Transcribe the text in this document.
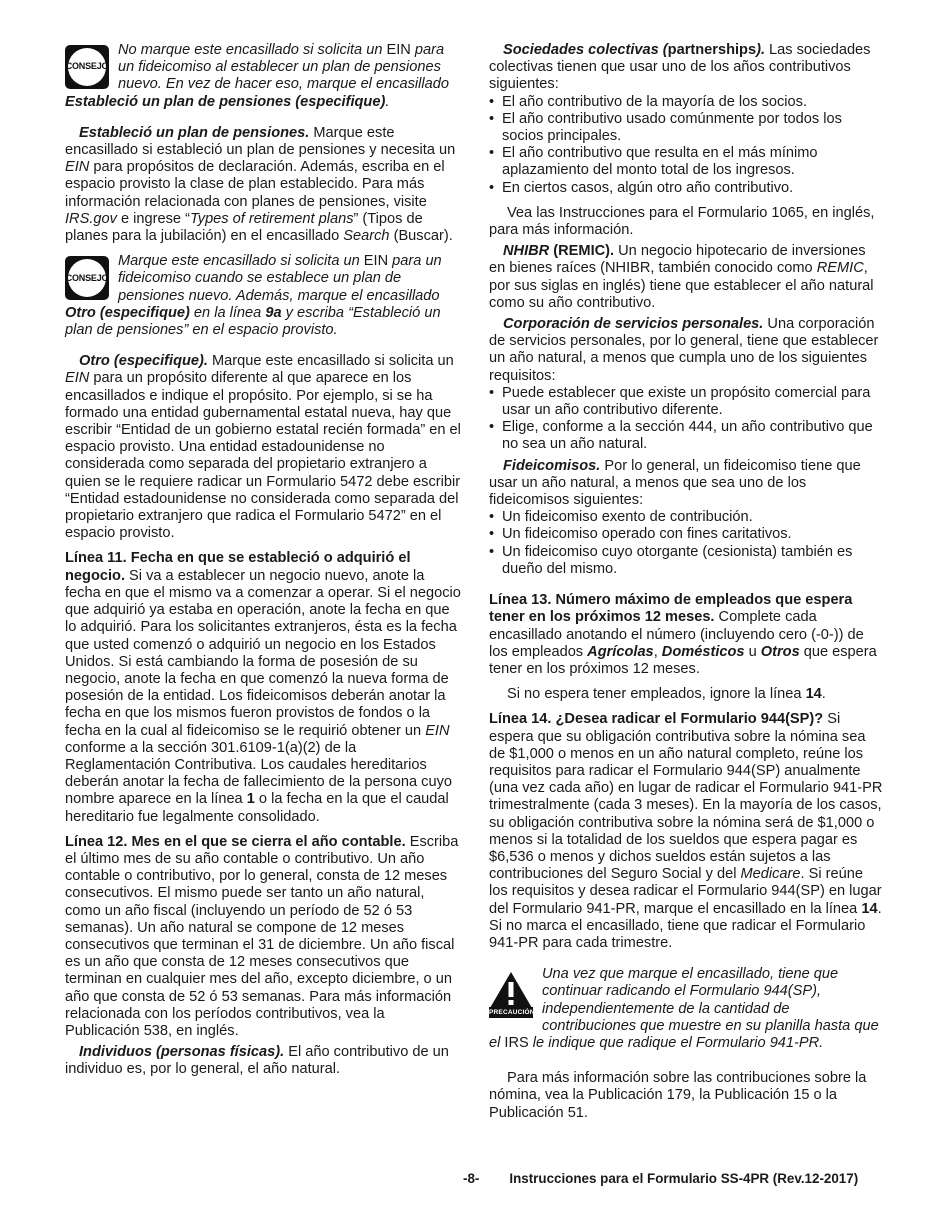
CONSEJO
No marque este encasillado si solicita un EIN para un fideicomiso al establecer un plan de pensiones nuevo. En vez de hacer eso, marque el encasillado Estableció un plan de pensiones (especifique).

Estableció un plan de pensiones. Marque este encasillado si estableció un plan de pensiones y necesita un EIN para propósitos de declaración. Además, escriba en el espacio provisto la clase de plan establecido. Para más información relacionada con planes de pensiones, visite IRS.gov e ingrese “Types of retirement plans” (Tipos de planes para la jubilación) en el encasillado Search (Buscar).

CONSEJO
Marque este encasillado si solicita un EIN para un fideicomiso cuando se establece un plan de pensiones nuevo. Además, marque el encasillado Otro (especifique) en la línea 9a y escriba “Estableció un plan de pensiones” en el espacio provisto.

Otro (especifique). Marque este encasillado si solicita un EIN para un propósito diferente al que aparece en los encasillados e indique el propósito. Por ejemplo, si se ha formado una entidad gubernamental estatal nueva, hay que escribir “Entidad de un gobierno estatal recién formada” en el espacio provisto. Una entidad estadounidense no considerada como separada del propietario extranjero a quien se le requiere radicar un Formulario 5472 debe escribir “Entidad estadounidense no considerada como separada del propietario extranjero que radica el Formulario 5472” en el espacio provisto.

Línea 11. Fecha en que se estableció o adquirió el negocio. Si va a establecer un negocio nuevo, anote la fecha en que el mismo va a comenzar a operar. Si el negocio que adquirió ya estaba en operación, anote la fecha en que lo adquirió. Para los solicitantes extranjeros, ésta es la fecha que usted comenzó o adquirió un negocio en los Estados Unidos. Si está cambiando la forma de posesión de su negocio, anote la fecha en que comenzó la nueva forma de posesión de la entidad. Los fideicomisos deberán anotar la fecha en que los mismos fueron provistos de fondos o la fecha en la cual al fideicomiso se le requirió obtener un EIN conforme a la sección 301.6109-1(a)(2) de la Reglamentación Contributiva. Los caudales hereditarios deberán anotar la fecha de fallecimiento de la persona cuyo nombre aparece en la línea 1 o la fecha en la que el caudal hereditario fue legalmente consolidado.

Línea 12. Mes en el que se cierra el año contable. Escriba el último mes de su año contable o contributivo. Un año contable o contributivo, por lo general, consta de 12 meses consecutivos. El mismo puede ser tanto un año natural, como un año fiscal (incluyendo un período de 52 ó 53 semanas). Un año natural se compone de 12 meses consecutivos que terminan el 31 de diciembre. Un año fiscal es un año que consta de 12 meses consecutivos que terminan en cualquier mes del año, excepto diciembre, o un año que consta de 52 ó 53 semanas. Para más información relacionada con los períodos contributivos, vea la Publicación 538, en inglés.

Individuos (personas físicas). El año contributivo de un individuo es, por lo general, el año natural.

Sociedades colectivas (partnerships). Las sociedades colectivas tienen que usar uno de los años contributivos siguientes:

• El año contributivo de la mayoría de los socios.

• El año contributivo usado comúnmente por todos los socios principales.

• El año contributivo que resulta en el más mínimo aplazamiento del monto total de los ingresos.

• En ciertos casos, algún otro año contributivo.

Vea las Instrucciones para el Formulario 1065, en inglés, para más información.

NHIBR (REMIC). Un negocio hipotecario de inversiones en bienes raíces (NHIBR, también conocido como REMIC, por sus siglas en inglés) tiene que establecer el año natural como su año contributivo.

Corporación de servicios personales. Una corporación de servicios personales, por lo general, tiene que establecer un año natural, a menos que cumpla uno de los siguientes requisitos:

• Puede establecer que existe un propósito comercial para usar un año contributivo diferente.

• Elige, conforme a la sección 444, un año contributivo que no sea un año natural.

Fideicomisos. Por lo general, un fideicomiso tiene que usar un año natural, a menos que sea uno de los fideicomisos siguientes:

• Un fideicomiso exento de contribución.

• Un fideicomiso operado con fines caritativos.

• Un fideicomiso cuyo otorgante (cesionista) también es dueño del mismo.

Línea 13. Número máximo de empleados que espera tener en los próximos 12 meses. Complete cada encasillado anotando el número (incluyendo cero (-0-)) de los empleados Agrícolas, Domésticos u Otros que espera tener en los próximos 12 meses.

Si no espera tener empleados, ignore la línea 14.

Línea 14. ¿Desea radicar el Formulario 944(SP)? Si espera que su obligación contributiva sobre la nómina sea de $1,000 o menos en un año natural completo, reúne los requisitos para radicar el Formulario 944(SP) anualmente (una vez cada año) en lugar de radicar el Formulario 941-PR trimestralmente (cada 3 meses). En la mayoría de los casos, su obligación contributiva sobre la nómina será de $1,000 o menos si la totalidad de los sueldos que espera pagar es $6,536 o menos y dichos sueldos están sujetos a las contribuciones del Seguro Social y del Medicare. Si reúne los requisitos y desea radicar el Formulario 944(SP) en lugar del Formulario 941-PR, marque el encasillado en la línea 14. Si no marca el encasillado, tiene que radicar el Formulario 941-PR para cada trimestre.

PRECAUCIÓN
Una vez que marque el encasillado, tiene que continuar radicando el Formulario 944(SP), independientemente de la cantidad de contribuciones que muestre en su planilla hasta que el IRS le indique que radique el Formulario 941-PR.

Para más información sobre las contribuciones sobre la nómina, vea la Publicación 179, la Publicación 15 o la Publicación 51.

-8- Instrucciones para el Formulario SS-4PR (Rev.12-2017)
